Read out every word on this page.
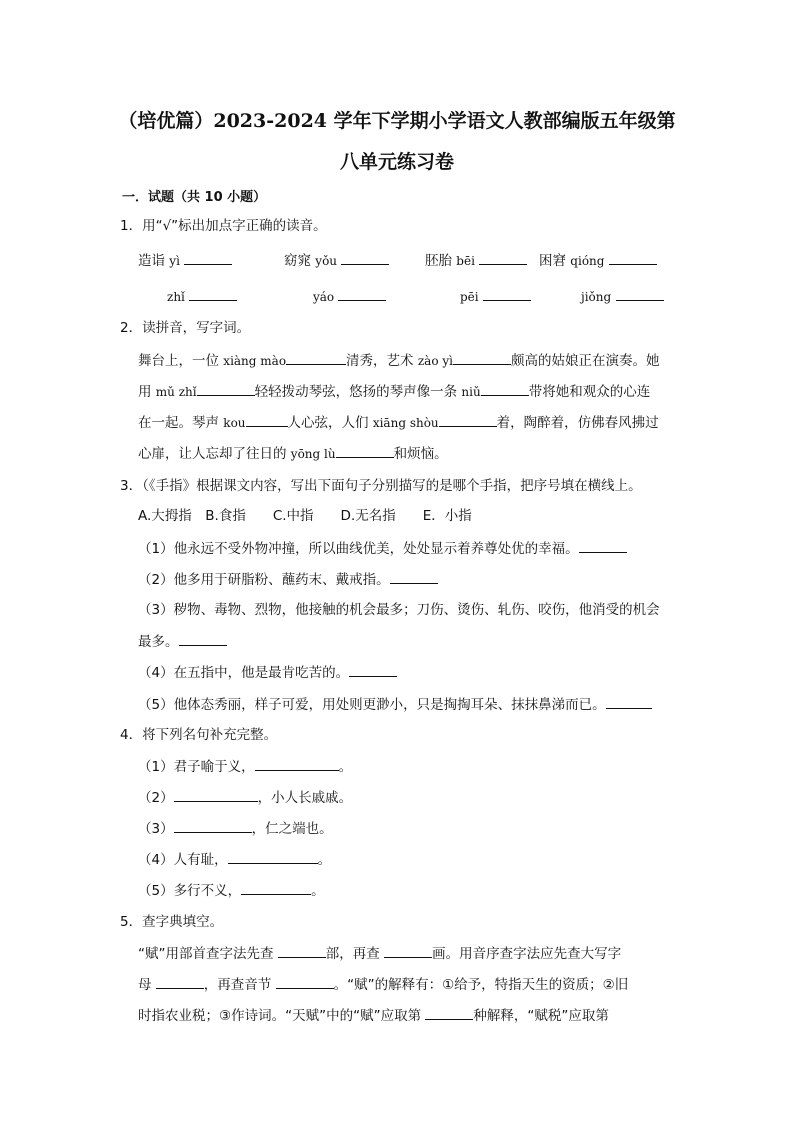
（培优篇）2023-2024 学年下学期小学语文人教部编版五年级第
八单元练习卷
一．试题（共 10 小题）
1．用“√”标出加点字正确的读音。
造诣 yì	窈窕 yǒu	胚胎 bēi	困窘 qióng
zhǐ	yáo	pēi	jiǒng
2．读拼音，写字词。
舞台上，一位 xiàng mào	清秀，艺术 zào yì	颇高的姑娘正在演奏。她
用 mǔ zhǐ	轻轻拨动琴弦，悠扬的琴声像一条 niǔ	带将她和观众的心连
在一起。琴声 kou	人心弦，人们 xiāng shòu	着，陶醉着，仿佛春风拂过
心扉，让人忘却了往日的 yōng lù	和烦恼。
3．（《手指》根据课文内容，写出下面句子分别描写的是哪个手指，把序号填在横线上。
A.大拇指　B.食指　　C.中指　　D.无名指　　E．小指
（1）他永远不受外物冲撞，所以曲线优美，处处显示着养尊处优的幸福。
（2）他多用于研脂粉、蘸药末、戴戒指。
（3）秽物、毒物、烈物，他接触的机会最多；刀伤、烫伤、轧伤、咬伤，他消受的机会
最多。
（4）在五指中，他是最肯吃苦的。
（5）他体态秀丽，样子可爱，用处则更渺小，只是掏掏耳朵、抹抹鼻涕而已。
4．将下列名句补充完整。
（1）君子喻于义，	。
（2）	，小人长戚戚。
（3）	，仁之端也。
（4）人有耻，	。
（5）多行不义，	。
5．查字典填空。
“赋”用部首查字法先查	部，再查	画。用音序查字法应先查大写字
母	，再查音节	。“赋”的解释有：①给予，特指天生的资质；②旧
时指农业税；③作诗词。“天赋”中的“赋”应取第	种解释，“赋税”应取第
